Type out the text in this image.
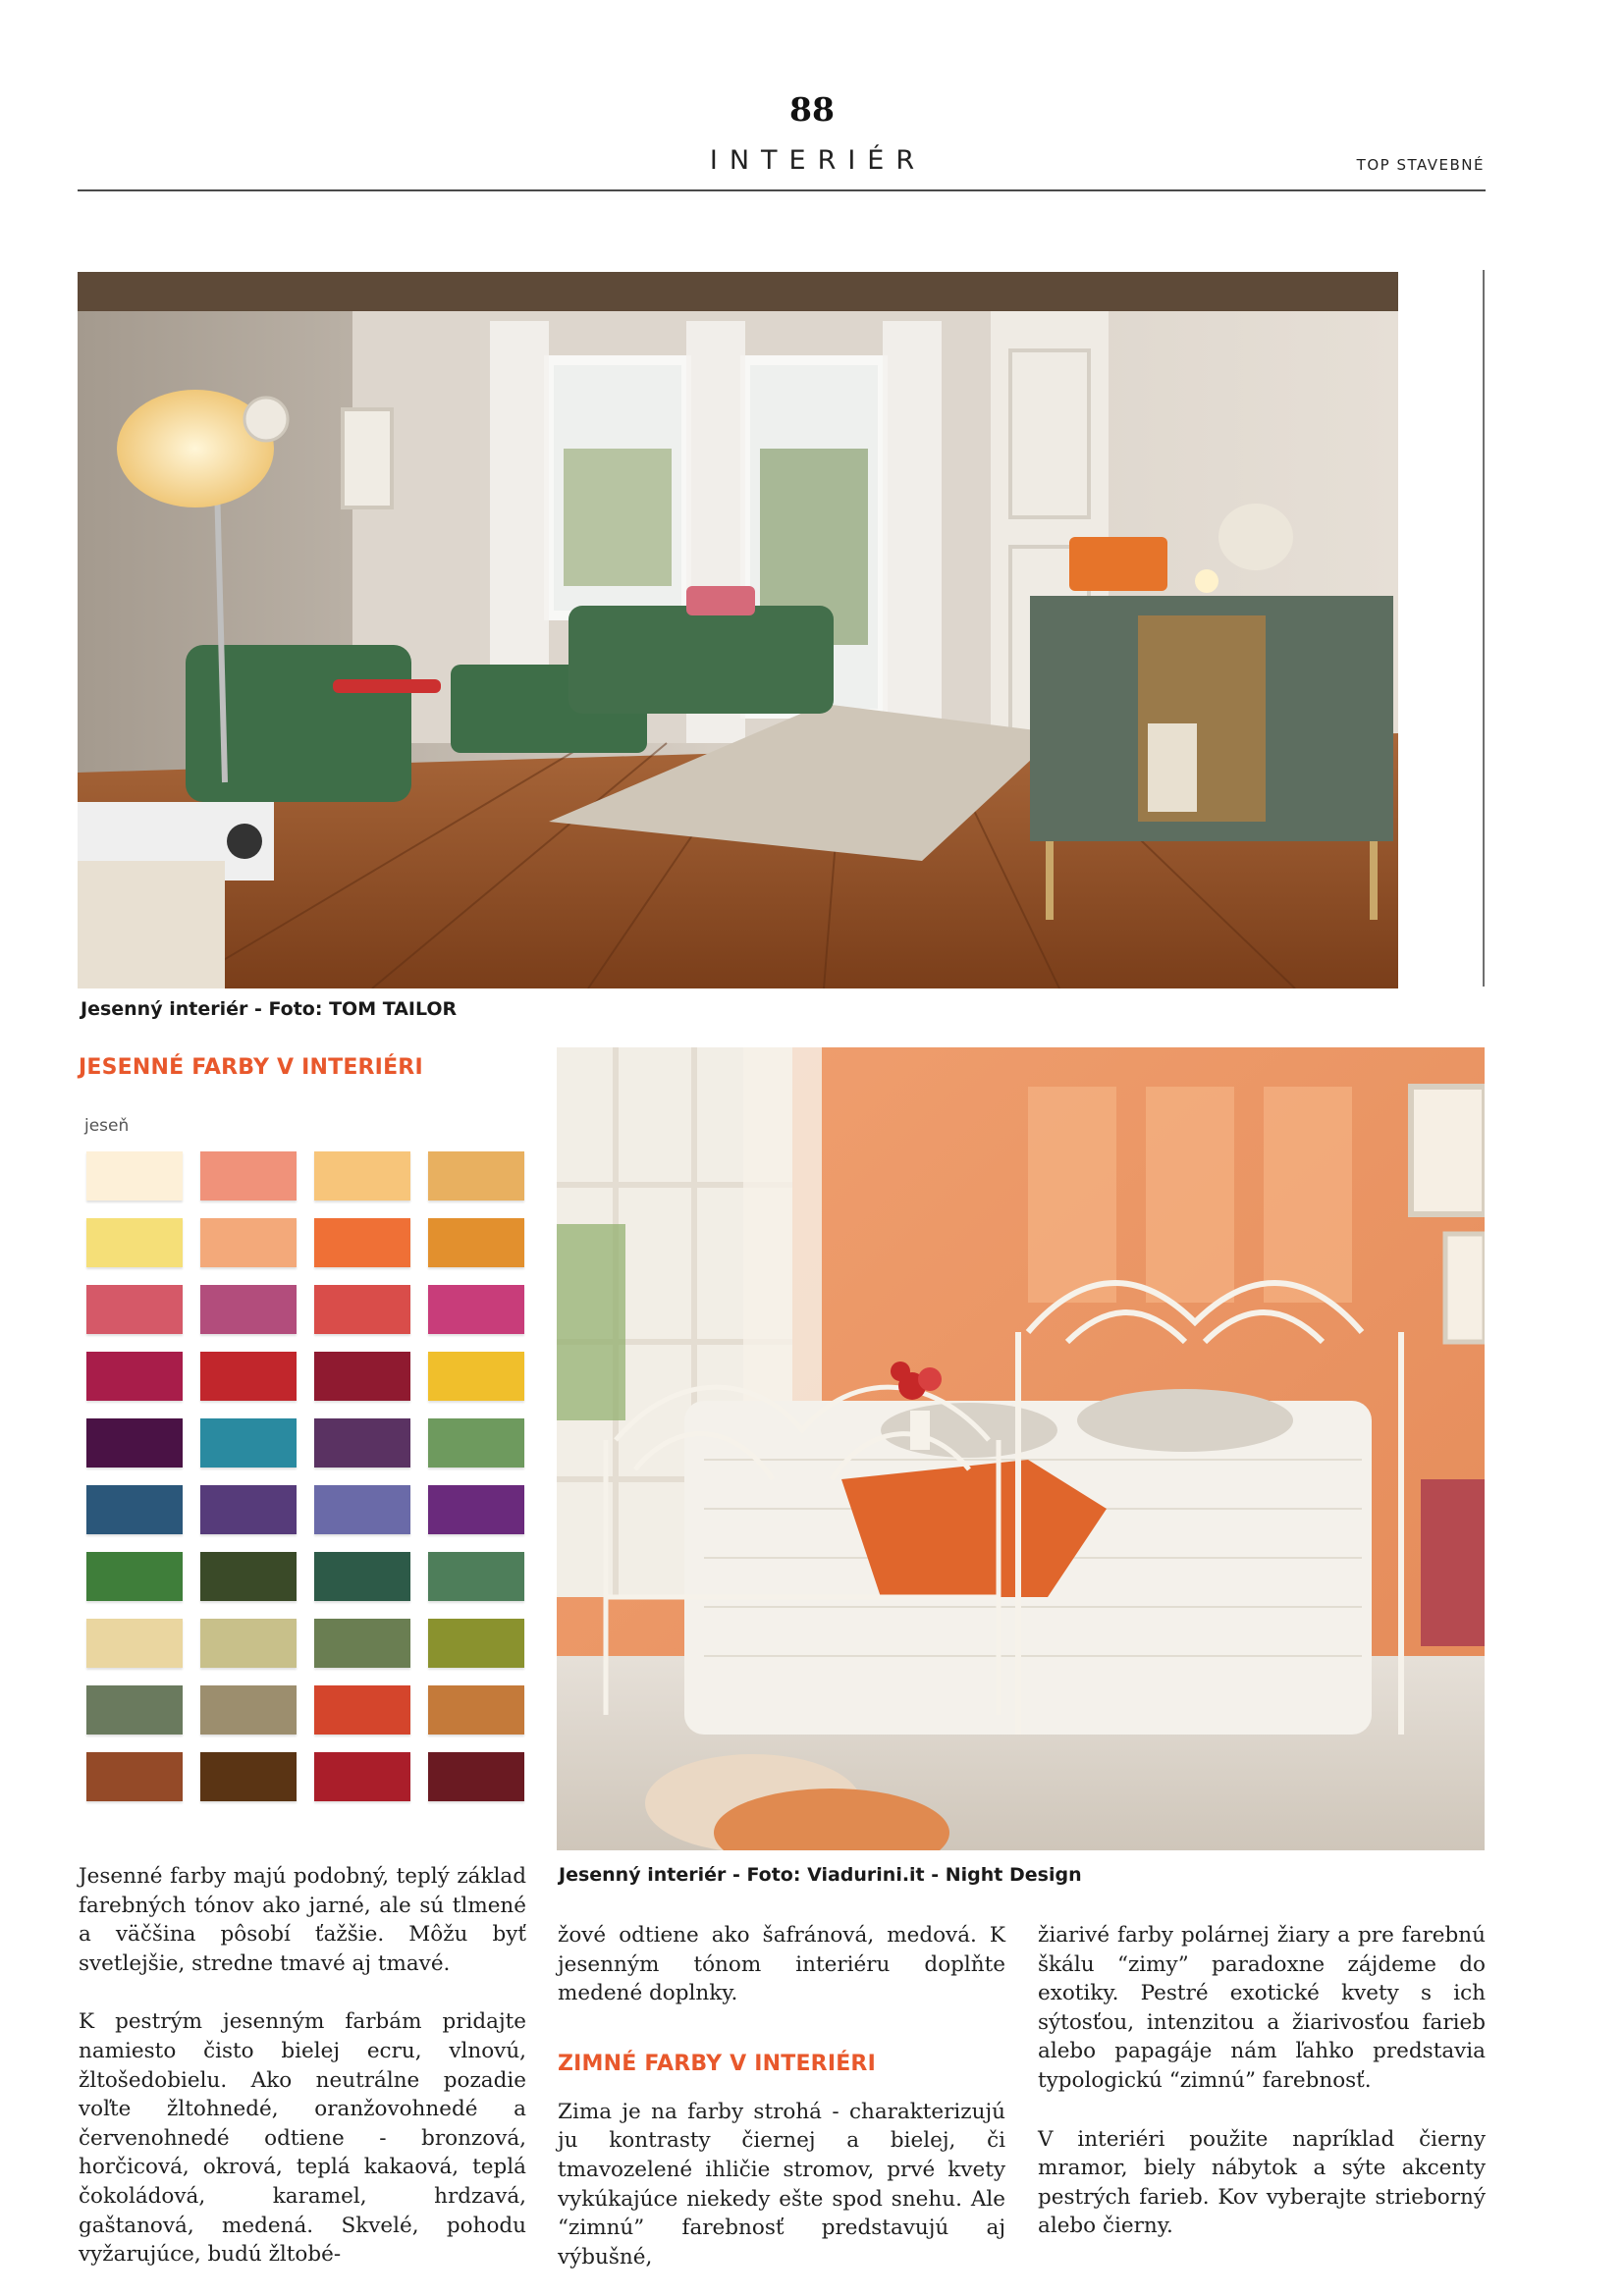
88
INTERIÉR	TOP STAVEBNÉ
Jesenný interiér - Foto: TOM TAILOR
JESENNÉ FARBY V INTERIÉRI
jeseň
Jesenný interiér - Foto: Viadurini.it - Night Design

Jesenné farby majú podobný, teplý základ farebných tónov ako jarné, ale sú tlmené a väčšina pôsobí ťažšie. Môžu byť svetlejšie, stredne tmavé aj tmavé.

K pestrým jesenným farbám pridajte namiesto čisto bielej ecru, vlnovú, žltošedobielu. Ako neutrálne pozadie voľte žltohnedé, oranžovohnedé a červenohnedé odtiene - bronzová, horčicová, okrová, teplá kakaová, teplá čokoládová, karamel, hrdzavá, gaštanová, medená. Skvelé, pohodu vyžarujúce, budú žltobé-

žové odtiene ako šafránová, medová. K jesenným tónom interiéru doplňte medené doplnky.

ZIMNÉ FARBY V INTERIÉRI

Zima je na farby strohá - charakterizujú ju kontrasty čiernej a bielej, či tmavozelené ihličie stromov, prvé kvety vykúkajúce niekedy ešte spod snehu. Ale “zimnú” farebnosť predstavujú aj výbušné,

žiarivé farby polárnej žiary a pre farebnú škálu “zimy” paradoxne zájdeme do exotiky. Pestré exotické kvety s ich sýtosťou, intenzitou a žiarivosťou farieb alebo papagáje nám ľahko predstavia typologickú “zimnú” farebnosť.

V interiéri použite napríklad čierny mramor, biely nábytok a sýte akcenty pestrých farieb. Kov vyberajte strieborný alebo čierny.
